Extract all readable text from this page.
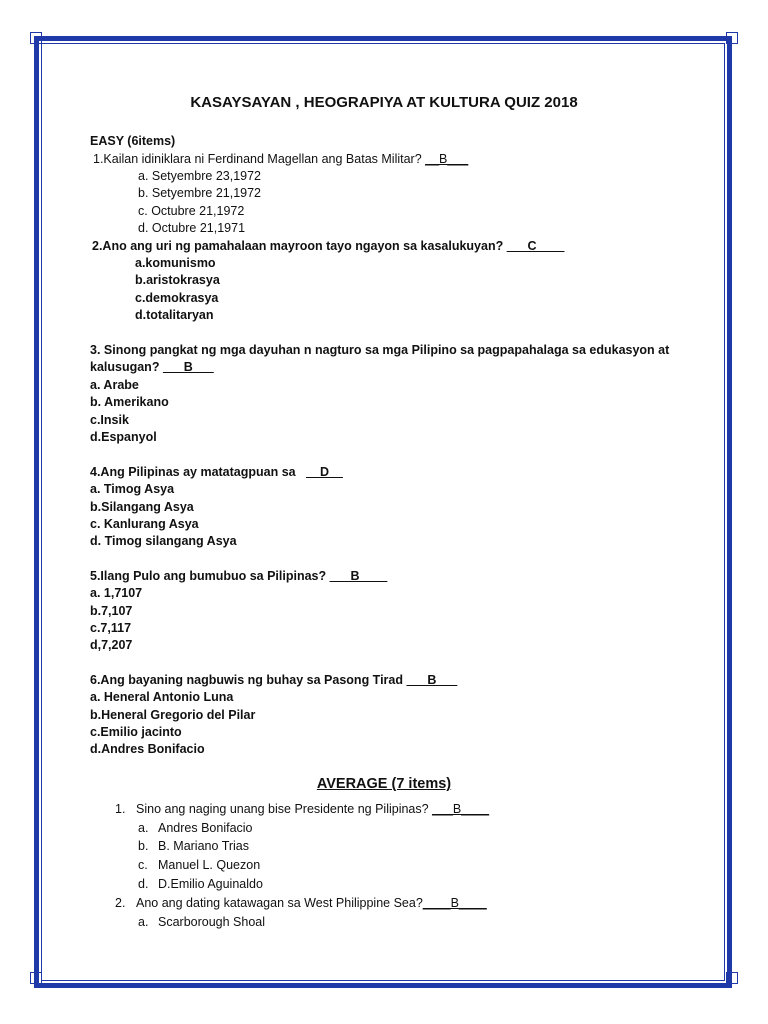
KASAYSAYAN , HEOGRAPIYA AT KULTURA QUIZ 2018
EASY (6items)
1.Kailan idiniklara ni Ferdinand Magellan ang Batas Militar? __B___
a. Setyembre 23,1972
b. Setyembre 21,1972
c. Octubre 21,1972
d. Octubre 21,1971
2.Ano ang uri ng pamahalaan mayroon tayo ngayon sa kasalukuyan? ___C____
a.komunismo
b.aristokrasya
c.demokrasya
d.totalitaryan
3. Sinong pangkat ng mga dayuhan n nagturo sa mga Pilipino sa pagpapahalaga sa edukasyon at
kalusugan? ___B___
a. Arabe
b. Amerikano
c.Insik
d.Espanyol
4.Ang Pilipinas ay matatagpuan sa __D__
a. Timog Asya
b.Silangang Asya
c. Kanlurang Asya
d. Timog silangang Asya
5.Ilang Pulo ang bumubuo sa Pilipinas? ___B____
a. 1,7107
b.7,107
c.7,117
d,7,207
6.Ang bayaning nagbuwis ng buhay sa Pasong Tirad ___B___
a. Heneral Antonio Luna
b.Heneral Gregorio del Pilar
c.Emilio jacinto
d.Andres Bonifacio
AVERAGE (7 items)
1. Sino ang naging unang bise Presidente ng Pilipinas? ___B____
a. Andres Bonifacio
b. B. Mariano Trias
c. Manuel L. Quezon
d. D.Emilio Aguinaldo
2. Ano ang dating katawagan sa West Philippine Sea?____B____
a. Scarborough Shoal
